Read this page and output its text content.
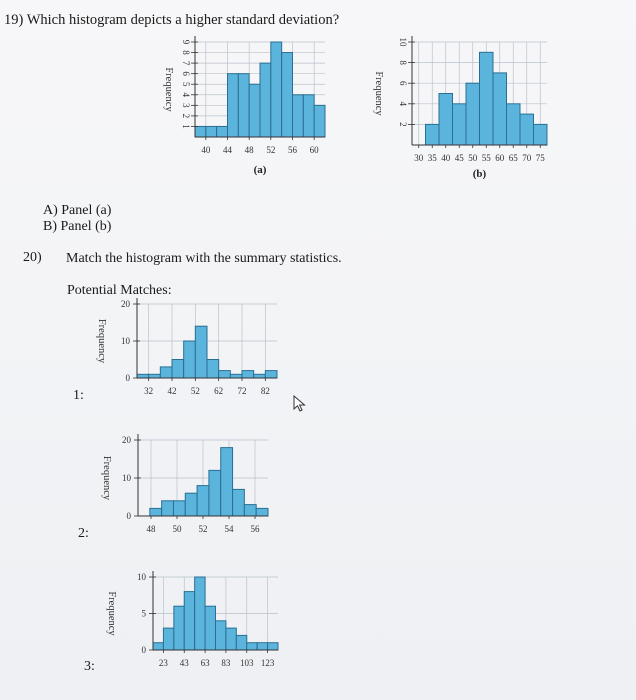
19) Which histogram depicts a higher standard deviation?
1
2
3
4
5
6
7
8
9
40 44 48 52 56 60
Frequency
(a)
2
4
6
8
10
30 35 40 45 50 55 60 65 70 75
Frequency
(b)
A) Panel (a)
B) Panel (b)
20) Match the histogram with the summary statistics.
Potential Matches:
0
10
20
32 42 52 62 72 82
Frequency
1:
0
10
20
48 50 52 54 56
Frequency
2:
0
5
10
23 43 63 83 103 123
Frequency
3:
